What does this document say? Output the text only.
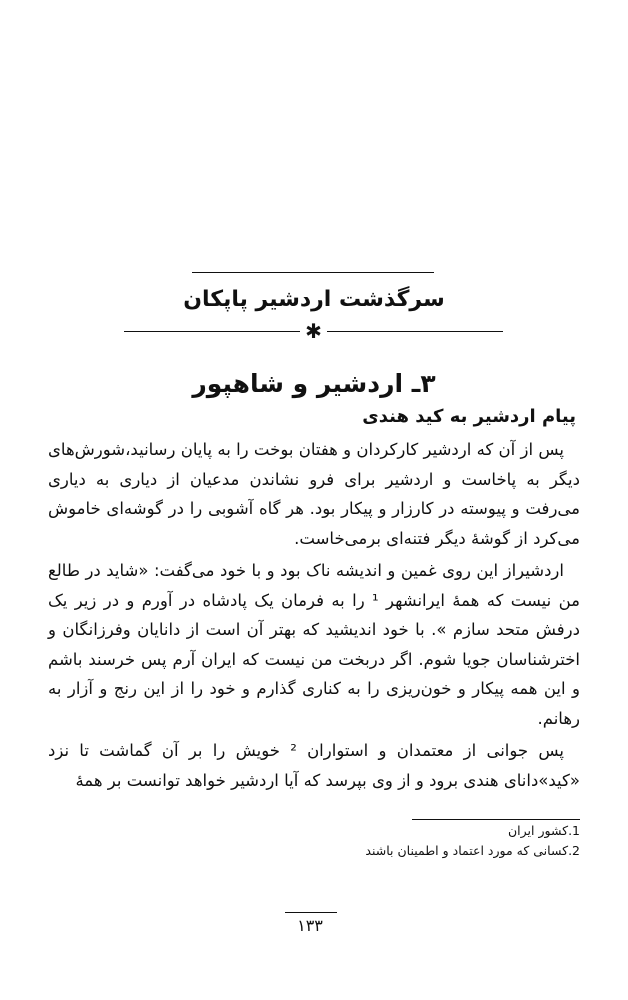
سرگذشت اردشیر پاپکان
✱
۳ـ اردشیر و شاهپور
پیام اردشیر به کید هندی

پس از آن که اردشیر کارکردان و هفتان بوخت را به پایان رسانید،شورش‌های دیگر به پاخاست و اردشیر برای فرو نشاندن مدعیان از دیاری به دیاری می‌رفت و پیوسته در کارزار و پیکار بود. هر گاه آشوبی را در گوشه‌ای خاموش می‌کرد از گوشهٔ دیگر فتنه‌ای برمی‌خاست.

اردشیراز این روی غمین و اندیشه ناک بود و با خود می‌گفت: «شاید در طالع من نیست که همهٔ ایرانشهر ¹ را به فرمان یک پادشاه در آورم و در زیر یک درفش متحد سازم ». با خود اندیشید که بهتر آن است از دانایان وفرزانگان و اخترشناسان جویا شوم. اگر دربخت من نیست که ایران آرم پس خرسند باشم و این همه پیکار و خون‌ریزی را به کناری گذارم و خود را از این رنج و آزار به رهانم.

پس جوانی از معتمدان و استواران ² خویش را بر آن گماشت تا نزد «کید»دانای هندی برود و از وی بپرسد که آیا اردشیر خواهد توانست بر همهٔ

1.کشور ایران
2.کسانی که مورد اعتماد و اطمینان باشند
۱۳۳
